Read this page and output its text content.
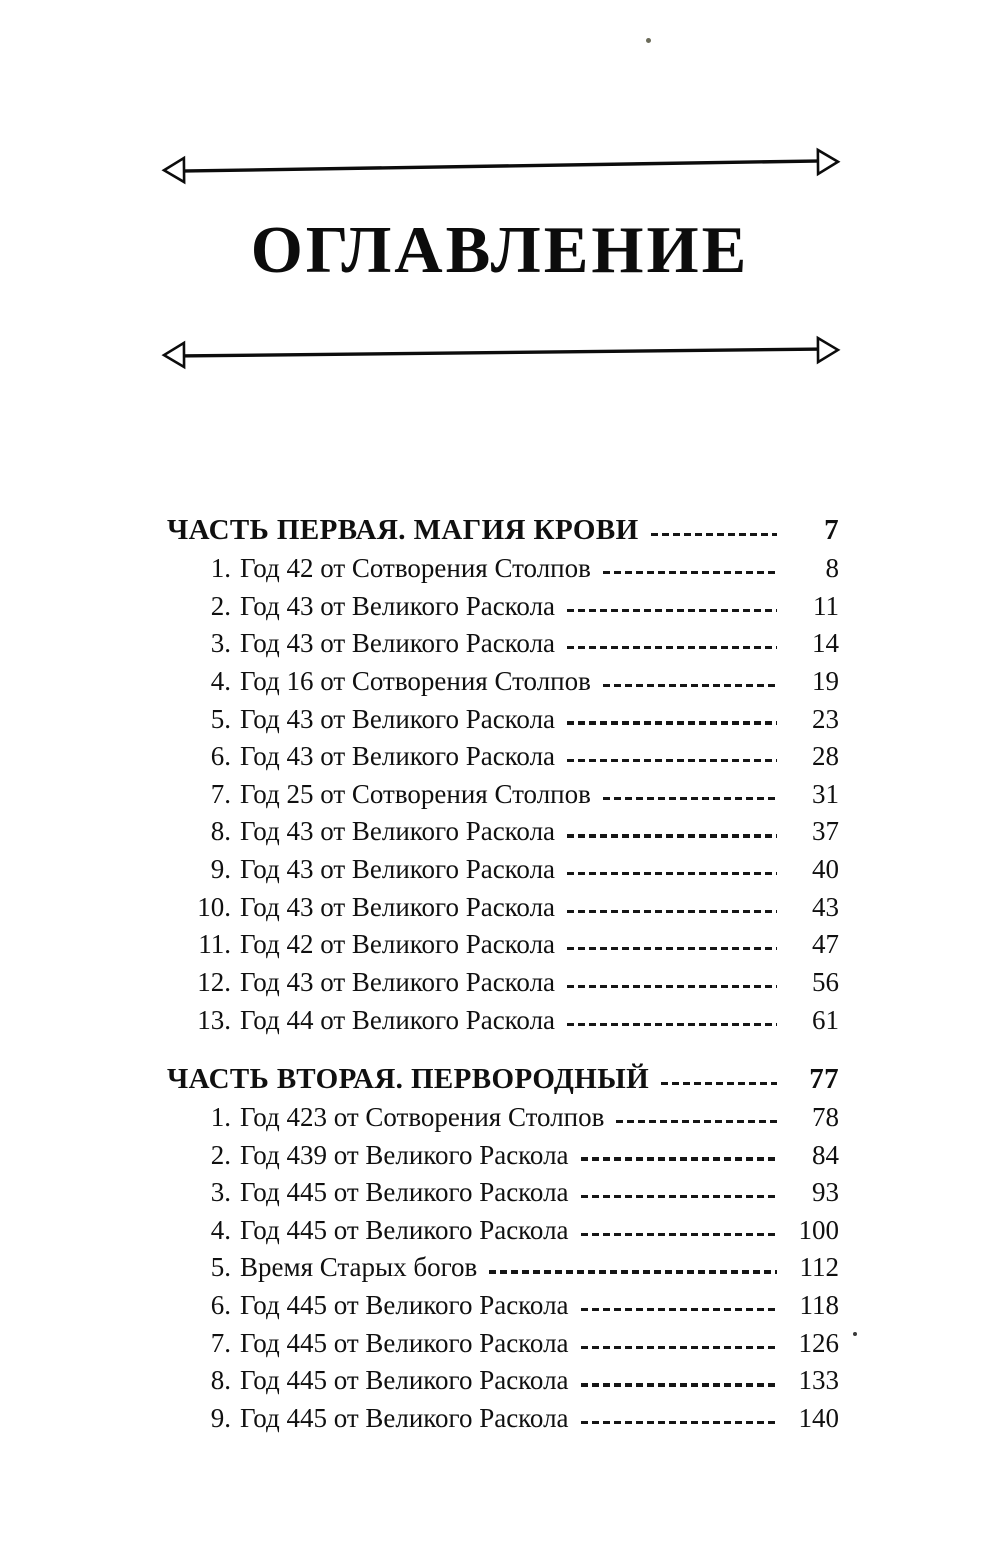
ОГЛАВЛЕНИЕ
ЧАСТЬ ПЕРВАЯ. МАГИЯ КРОВИ	7
1. Год 42 от Сотворения Столпов	8
2. Год 43 от Великого Раскола	11
3. Год 43 от Великого Раскола	14
4. Год 16 от Сотворения Столпов	19
5. Год 43 от Великого Раскола	23
6. Год 43 от Великого Раскола	28
7. Год 25 от Сотворения Столпов	31
8. Год 43 от Великого Раскола	37
9. Год 43 от Великого Раскола	40
10. Год 43 от Великого Раскола	43
11. Год 42 от Великого Раскола	47
12. Год 43 от Великого Раскола	56
13. Год 44 от Великого Раскола	61
ЧАСТЬ ВТОРАЯ. ПЕРВОРОДНЫЙ	77
1. Год 423 от Сотворения Столпов	78
2. Год 439 от Великого Раскола	84
3. Год 445 от Великого Раскола	93
4. Год 445 от Великого Раскола	100
5. Время Старых богов	112
6. Год 445 от Великого Раскола	118
7. Год 445 от Великого Раскола	126
8. Год 445 от Великого Раскола	133
9. Год 445 от Великого Раскола	140
